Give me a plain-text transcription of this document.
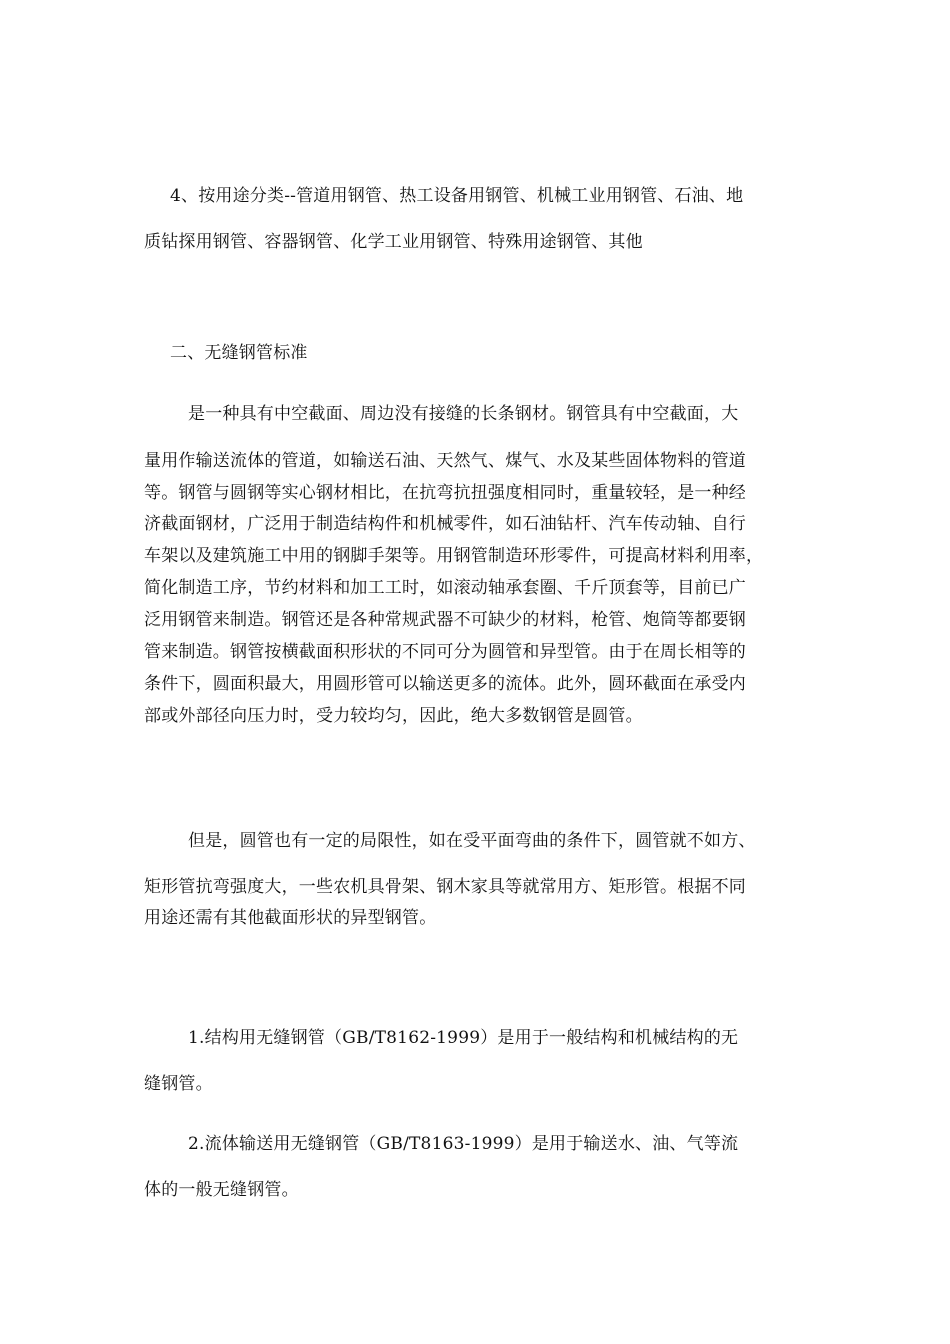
4、按用途分类--管道用钢管、热工设备用钢管、机械工业用钢管、石油、地
质钻探用钢管、容器钢管、化学工业用钢管、特殊用途钢管、其他
二、无缝钢管标准
是一种具有中空截面、周边没有接缝的长条钢材。钢管具有中空截面，大
量用作输送流体的管道，如输送石油、天然气、煤气、水及某些固体物料的管道
等。钢管与圆钢等实心钢材相比，在抗弯抗扭强度相同时，重量较轻，是一种经
济截面钢材，广泛用于制造结构件和机械零件，如石油钻杆、汽车传动轴、自行
车架以及建筑施工中用的钢脚手架等。用钢管制造环形零件，可提高材料利用率，
简化制造工序，节约材料和加工工时，如滚动轴承套圈、千斤顶套等，目前已广
泛用钢管来制造。钢管还是各种常规武器不可缺少的材料，枪管、炮筒等都要钢
管来制造。钢管按横截面积形状的不同可分为圆管和异型管。由于在周长相等的
条件下，圆面积最大，用圆形管可以输送更多的流体。此外，圆环截面在承受内
部或外部径向压力时，受力较均匀，因此，绝大多数钢管是圆管。
但是，圆管也有一定的局限性，如在受平面弯曲的条件下，圆管就不如方、
矩形管抗弯强度大，一些农机具骨架、钢木家具等就常用方、矩形管。根据不同
用途还需有其他截面形状的异型钢管。
1.结构用无缝钢管（GB/T8162-1999）是用于一般结构和机械结构的无
缝钢管。
2.流体输送用无缝钢管（GB/T8163-1999）是用于输送水、油、气等流
体的一般无缝钢管。
